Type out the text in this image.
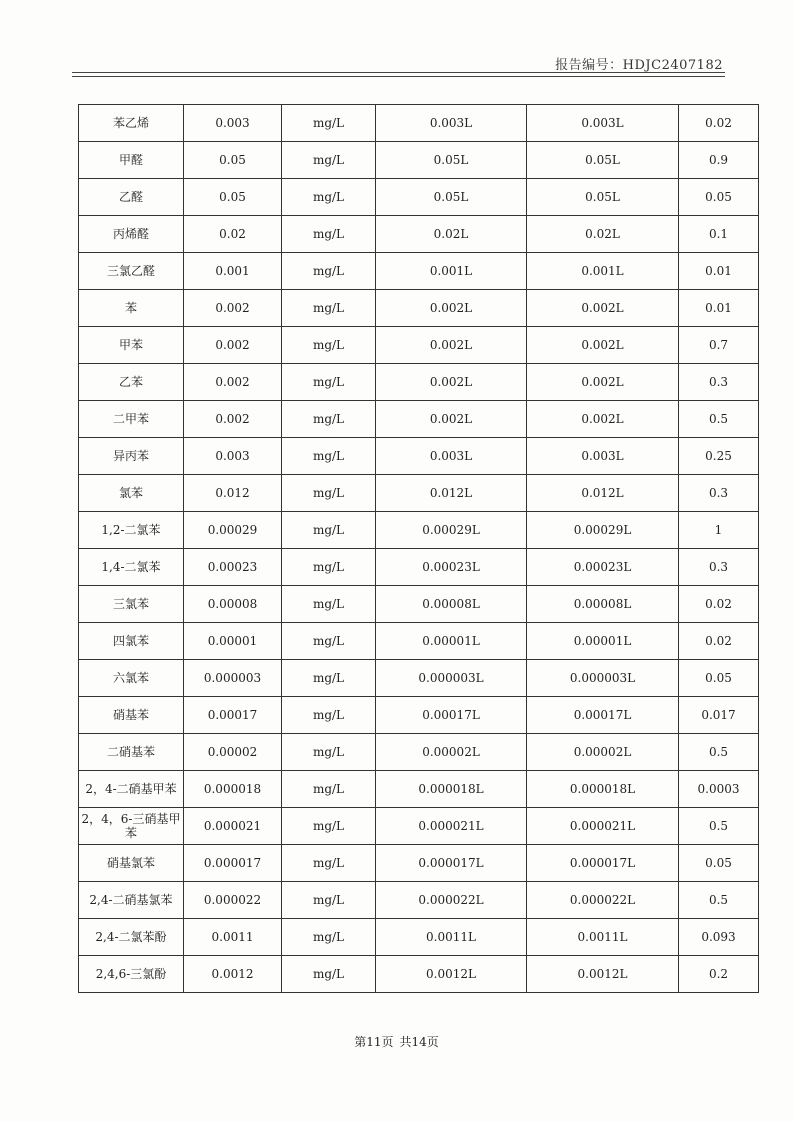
报告编号：HDJC2407182
苯乙烯	0.003	mg/L	0.003L	0.003L	0.02
甲醛	0.05	mg/L	0.05L	0.05L	0.9
乙醛	0.05	mg/L	0.05L	0.05L	0.05
丙烯醛	0.02	mg/L	0.02L	0.02L	0.1
三氯乙醛	0.001	mg/L	0.001L	0.001L	0.01
苯	0.002	mg/L	0.002L	0.002L	0.01
甲苯	0.002	mg/L	0.002L	0.002L	0.7
乙苯	0.002	mg/L	0.002L	0.002L	0.3
二甲苯	0.002	mg/L	0.002L	0.002L	0.5
异丙苯	0.003	mg/L	0.003L	0.003L	0.25
氯苯	0.012	mg/L	0.012L	0.012L	0.3
1,2-二氯苯	0.00029	mg/L	0.00029L	0.00029L	1
1,4-二氯苯	0.00023	mg/L	0.00023L	0.00023L	0.3
三氯苯	0.00008	mg/L	0.00008L	0.00008L	0.02
四氯苯	0.00001	mg/L	0.00001L	0.00001L	0.02
六氯苯	0.000003	mg/L	0.000003L	0.000003L	0.05
硝基苯	0.00017	mg/L	0.00017L	0.00017L	0.017
二硝基苯	0.00002	mg/L	0.00002L	0.00002L	0.5
2，4-二硝基甲苯	0.000018	mg/L	0.000018L	0.000018L	0.0003
2，4，6-三硝基甲苯	0.000021	mg/L	0.000021L	0.000021L	0.5
硝基氯苯	0.000017	mg/L	0.000017L	0.000017L	0.05
2,4-二硝基氯苯	0.000022	mg/L	0.000022L	0.000022L	0.5
2,4-二氯苯酚	0.0011	mg/L	0.0011L	0.0011L	0.093
2,4,6-三氯酚	0.0012	mg/L	0.0012L	0.0012L	0.2
第11页 共14页
